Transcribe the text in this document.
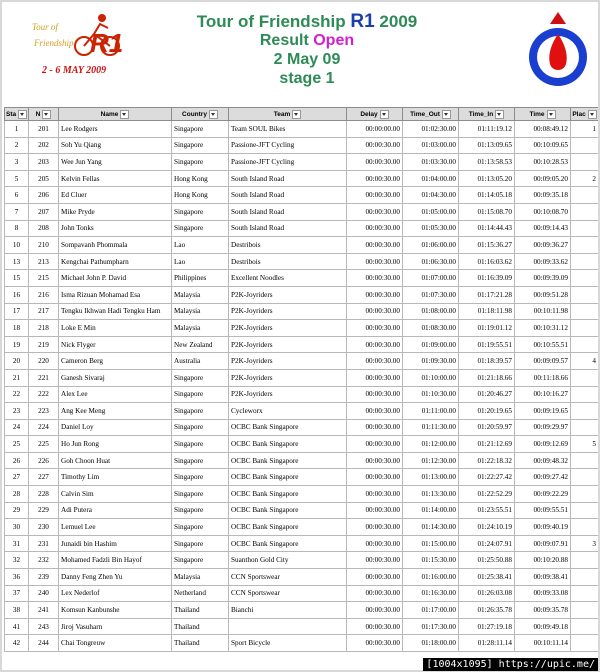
Tour of
Friendship R1
2 - 6 MAY 2009
Tour of Friendship R1 2009
Result Open
2 May 09
stage 1
Sta	N	Name	Country	Team	Delay	Time_Out	Time_In	Time	Plac
1	201	Lee Rodgers	Singapore	Team SOUL Bikes	00:00:00.00	01:02:30.00	01:11:19.12	00:08:49.12	1
2	202	Soh Yu Qiang	Singapore	Passione-JFT Cycling	00:00:30.00	01:03:00.00	01:13:09.65	00:10:09.65	
3	203	Wee Jun Yang	Singapore	Passione-JFT Cycling	00:00:30.00	01:03:30.00	01:13:58.53	00:10:28.53	
5	205	Kelvin Fellas	Hong Kong	South Island Road	00:00:30.00	01:04:00.00	01:13:05.20	00:09:05.20	2
6	206	Ed Cluer	Hong Kong	South Island Road	00:00:30.00	01:04:30.00	01:14:05.18	00:09:35.18	
7	207	Mike Pryde	Singapore	South Island Road	00:00:30.00	01:05:00.00	01:15:08.70	00:10:08.70	
8	208	John Tonks	Singapore	South Island Road	00:00:30.00	01:05:30.00	01:14:44.43	00:09:14.43	
10	210	Sompavanh Phommala	Lao	Destribois	00:00:30.00	01:06:00.00	01:15:36.27	00:09:36.27	
13	213	Kengchai Pathumpharn	Lao	Destribois	00:00:30.00	01:06:30.00	01:16:03.62	00:09:33.62	
15	215	Michael John P. David	Philippines	Excellent Noodles	00:00:30.00	01:07:00.00	01:16:39.09	00:09:39.09	
16	216	Isma Rizuan Mohamad Esa	Malaysia	P2K-Joyriders	00:00:30.00	01:07:30.00	01:17:21.28	00:09:51.28	
17	217	Tengku Ikhwan Hadi Tengku Ham	Malaysia	P2K-Joyriders	00:00:30.00	01:08:00.00	01:18:11.98	00:10:11.98	
18	218	Loke E Min	Malaysia	P2K-Joyriders	00:00:30.00	01:08:30.00	01:19:01.12	00:10:31.12	
19	219	Nick Flyger	New Zealand	P2K-Joyriders	00:00:30.00	01:09:00.00	01:19:55.51	00:10:55.51	
20	220	Cameron Berg	Australia	P2K-Joyriders	00:00:30.00	01:09:30.00	01:18:39.57	00:09:09.57	4
21	221	Ganesh Sivaraj	Singapore	P2K-Joyriders	00:00:30.00	01:10:00.00	01:21:18.66	00:11:18.66	
22	222	Alex Lee	Singapore	P2K-Joyriders	00:00:30.00	01:10:30.00	01:20:46.27	00:10:16.27	
23	223	Ang Kee Meng	Singapore	Cycleworx	00:00:30.00	01:11:00.00	01:20:19.65	00:09:19.65	
24	224	Daniel Loy	Singapore	OCBC Bank Singapore	00:00:30.00	01:11:30.00	01:20:59.97	00:09:29.97	
25	225	Ho Jun Rong	Singapore	OCBC Bank Singapore	00:00:30.00	01:12:00.00	01:21:12.69	00:09:12.69	5
26	226	Goh Choon Huat	Singapore	OCBC Bank Singapore	00:00:30.00	01:12:30.00	01:22:18.32	00:09:48.32	
27	227	Timothy Lim	Singapore	OCBC Bank Singapore	00:00:30.00	01:13:00.00	01:22:27.42	00:09:27.42	
28	228	Calvin Sim	Singapore	OCBC Bank Singapore	00:00:30.00	01:13:30.00	01:22:52.29	00:09:22.29	
29	229	Adi Putera	Singapore	OCBC Bank Singapore	00:00:30.00	01:14:00.00	01:23:55.51	00:09:55.51	
30	230	Lemuel Lee	Singapore	OCBC Bank Singapore	00:00:30.00	01:14:30.00	01:24:10.19	00:09:40.19	
31	231	Junaidi bin Hashim	Singapore	OCBC Bank Singapore	00:00:30.00	01:15:00.00	01:24:07.91	00:09:07.91	3
32	232	Mohamed Fadzli Bin Hayof	Singapore	Suanthon Gold City	00:00:30.00	01:15:30.00	01:25:50.88	00:10:20.88	
36	239	Danny Feng Zhen Yu	Malaysia	CCN Sportswear	00:00:30.00	01:16:00.00	01:25:38.41	00:09:38.41	
37	240	Lex Nederlof	Netherland	CCN Sportswear	00:00:30.00	01:16:30.00	01:26:03.08	00:09:33.08	
38	241	Komsun Kanbunshe	Thailand	Bianchi	00:00:30.00	01:17:00.00	01:26:35.78	00:09:35.78	
41	243	Jiroj Vasuharn	Thailand		00:00:30.00	01:17:30.00	01:27:19.18	00:09:49.18	
42	244	Chai Tongreuw	Thailand	Sport Bicycle	00:00:30.00	01:18:00.00	01:28:11.14	00:10:11.14	
[1004x1095] https://upic.me/
